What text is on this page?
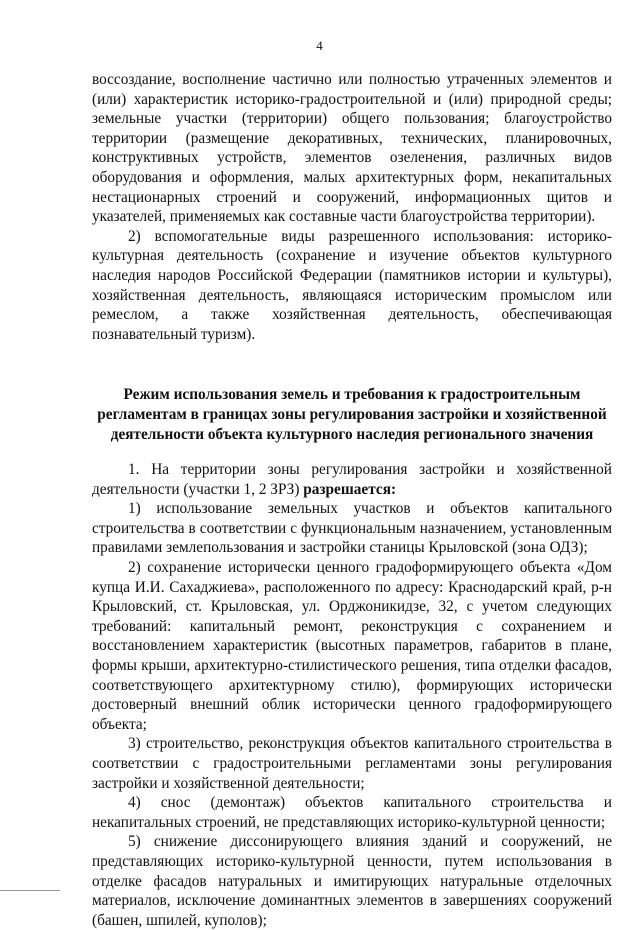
4

воссоздание, восполнение частично или полностью утраченных элементов и (или) характеристик историко-градостроительной и (или) природной среды; земельные участки (территории) общего пользования; благоустройство территории (размещение декоративных, технических, планировочных, конструктивных устройств, элементов озеленения, различных видов оборудования и оформления, малых архитектурных форм, некапитальных нестационарных строений и сооружений, информационных щитов и указателей, применяемых как составные части благоустройства территории).

2) вспомогательные виды разрешенного использования: историко-культурная деятельность (сохранение и изучение объектов культурного наследия народов Российской Федерации (памятников истории и культуры), хозяйственная деятельность, являющаяся историческим промыслом или ремеслом, а также хозяйственная деятельность, обеспечивающая познавательный туризм).

Режим использования земель и требования к градостроительным регламентам в границах зоны регулирования застройки и хозяйственной деятельности объекта культурного наследия регионального значения

1. На территории зоны регулирования застройки и хозяйственной деятельности (участки 1, 2 ЗРЗ) разрешается:

1) использование земельных участков и объектов капитального строительства в соответствии с функциональным назначением, установленным правилами землепользования и застройки станицы Крыловской (зона ОДЗ);

2) сохранение исторически ценного градоформирующего объекта «Дом купца И.И. Сахаджиева», расположенного по адресу: Краснодарский край, р-н Крыловский, ст. Крыловская, ул. Орджоникидзе, 32, с учетом следующих требований: капитальный ремонт, реконструкция с сохранением и восстановлением характеристик (высотных параметров, габаритов в плане, формы крыши, архитектурно-стилистического решения, типа отделки фасадов, соответствующего архитектурному стилю), формирующих исторически достоверный внешний облик исторически ценного градоформирующего объекта;

3) строительство, реконструкция объектов капитального строительства в соответствии с градостроительными регламентами зоны регулирования застройки и хозяйственной деятельности;

4) снос (демонтаж) объектов капитального строительства и некапитальных строений, не представляющих историко-культурной ценности;

5) снижение диссонирующего влияния зданий и сооружений, не представляющих историко-культурной ценности, путем использования в отделке фасадов натуральных и имитирующих натуральные отделочных материалов, исключение доминантных элементов в завершениях сооружений (башен, шпилей, куполов);
